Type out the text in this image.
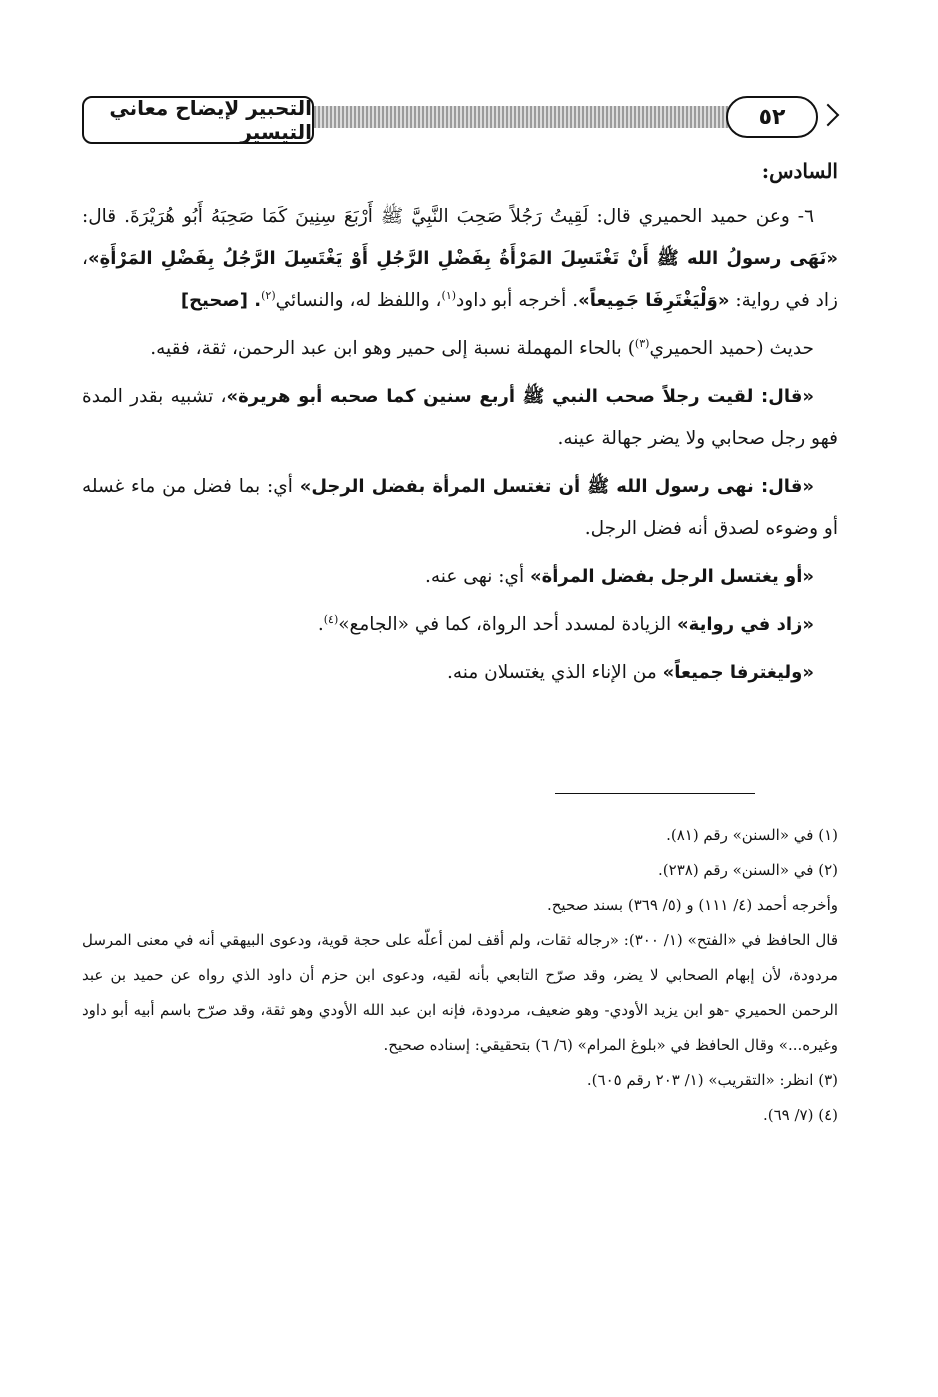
التحبير لإيضاح معاني التيسير
٥٢

السادس:

٦- وعن حميد الحميري قال: لَقِيتُ رَجُلاً صَحِبَ النَّبِيَّ ﷺ أَرْبَعَ سِنِينَ كَمَا صَحِبَهُ أَبُو هُرَيْرَةَ. قال: «نَهَى رسولُ الله ﷺ أَنْ تَغْتَسِلَ المَرْأَةُ بِفَضْلِ الرَّجُلِ أَوْ يَغْتَسِلَ الرَّجُلُ بِفَضْلِ المَرْأَةِ»، زاد في رواية: «وَلْيَغْتَرِفَا جَمِيعاً». أخرجه أبو داود$^{(١)}$، واللفظ له، والنسائي$^{(٢)}$. [صحيح]

حديث (حميد الحميري$^{(٣)}$) بالحاء المهملة نسبة إلى حمير وهو ابن عبد الرحمن، ثقة، فقيه.

«قال: لقيت رجلاً صحب النبي ﷺ أربع سنين كما صحبه أبو هريرة»، تشبيه بقدر المدة فهو رجل صحابي ولا يضر جهالة عينه.

«قال: نهى رسول الله ﷺ أن تغتسل المرأة بفضل الرجل» أي: بما فضل من ماء غسله أو وضوءه لصدق أنه فضل الرجل.

«أو يغتسل الرجل بفضل المرأة» أي: نهى عنه.

«زاد في رواية» الزيادة لمسدد أحد الرواة، كما في «الجامع»$^{(٤)}$.

«وليغترفا جميعاً» من الإناء الذي يغتسلان منه.

(١) في «السنن» رقم (٨١).

(٢) في «السنن» رقم (٢٣٨).

وأخرجه أحمد (٤/ ١١١) و (٥/ ٣٦٩) بسند صحيح.

قال الحافظ في «الفتح» (١/ ٣٠٠): «رجاله ثقات، ولم أقف لمن أعلّه على حجة قوية، ودعوى البيهقي أنه في معنى المرسل مردودة، لأن إبهام الصحابي لا يضر، وقد صرّح التابعي بأنه لقيه، ودعوى ابن حزم أن داود الذي رواه عن حميد بن عبد الرحمن الحميري -هو ابن يزيد الأودي- وهو ضعيف، مردودة، فإنه ابن عبد الله الأودي وهو ثقة، وقد صرّح باسم أبيه أبو داود وغيره...» وقال الحافظ في «بلوغ المرام» (٦/ ٦) بتحقيقي: إسناده صحيح.

(٣) انظر: «التقريب» (١/ ٢٠٣ رقم ٦٠٥).

(٤) (٧/ ٦٩).
